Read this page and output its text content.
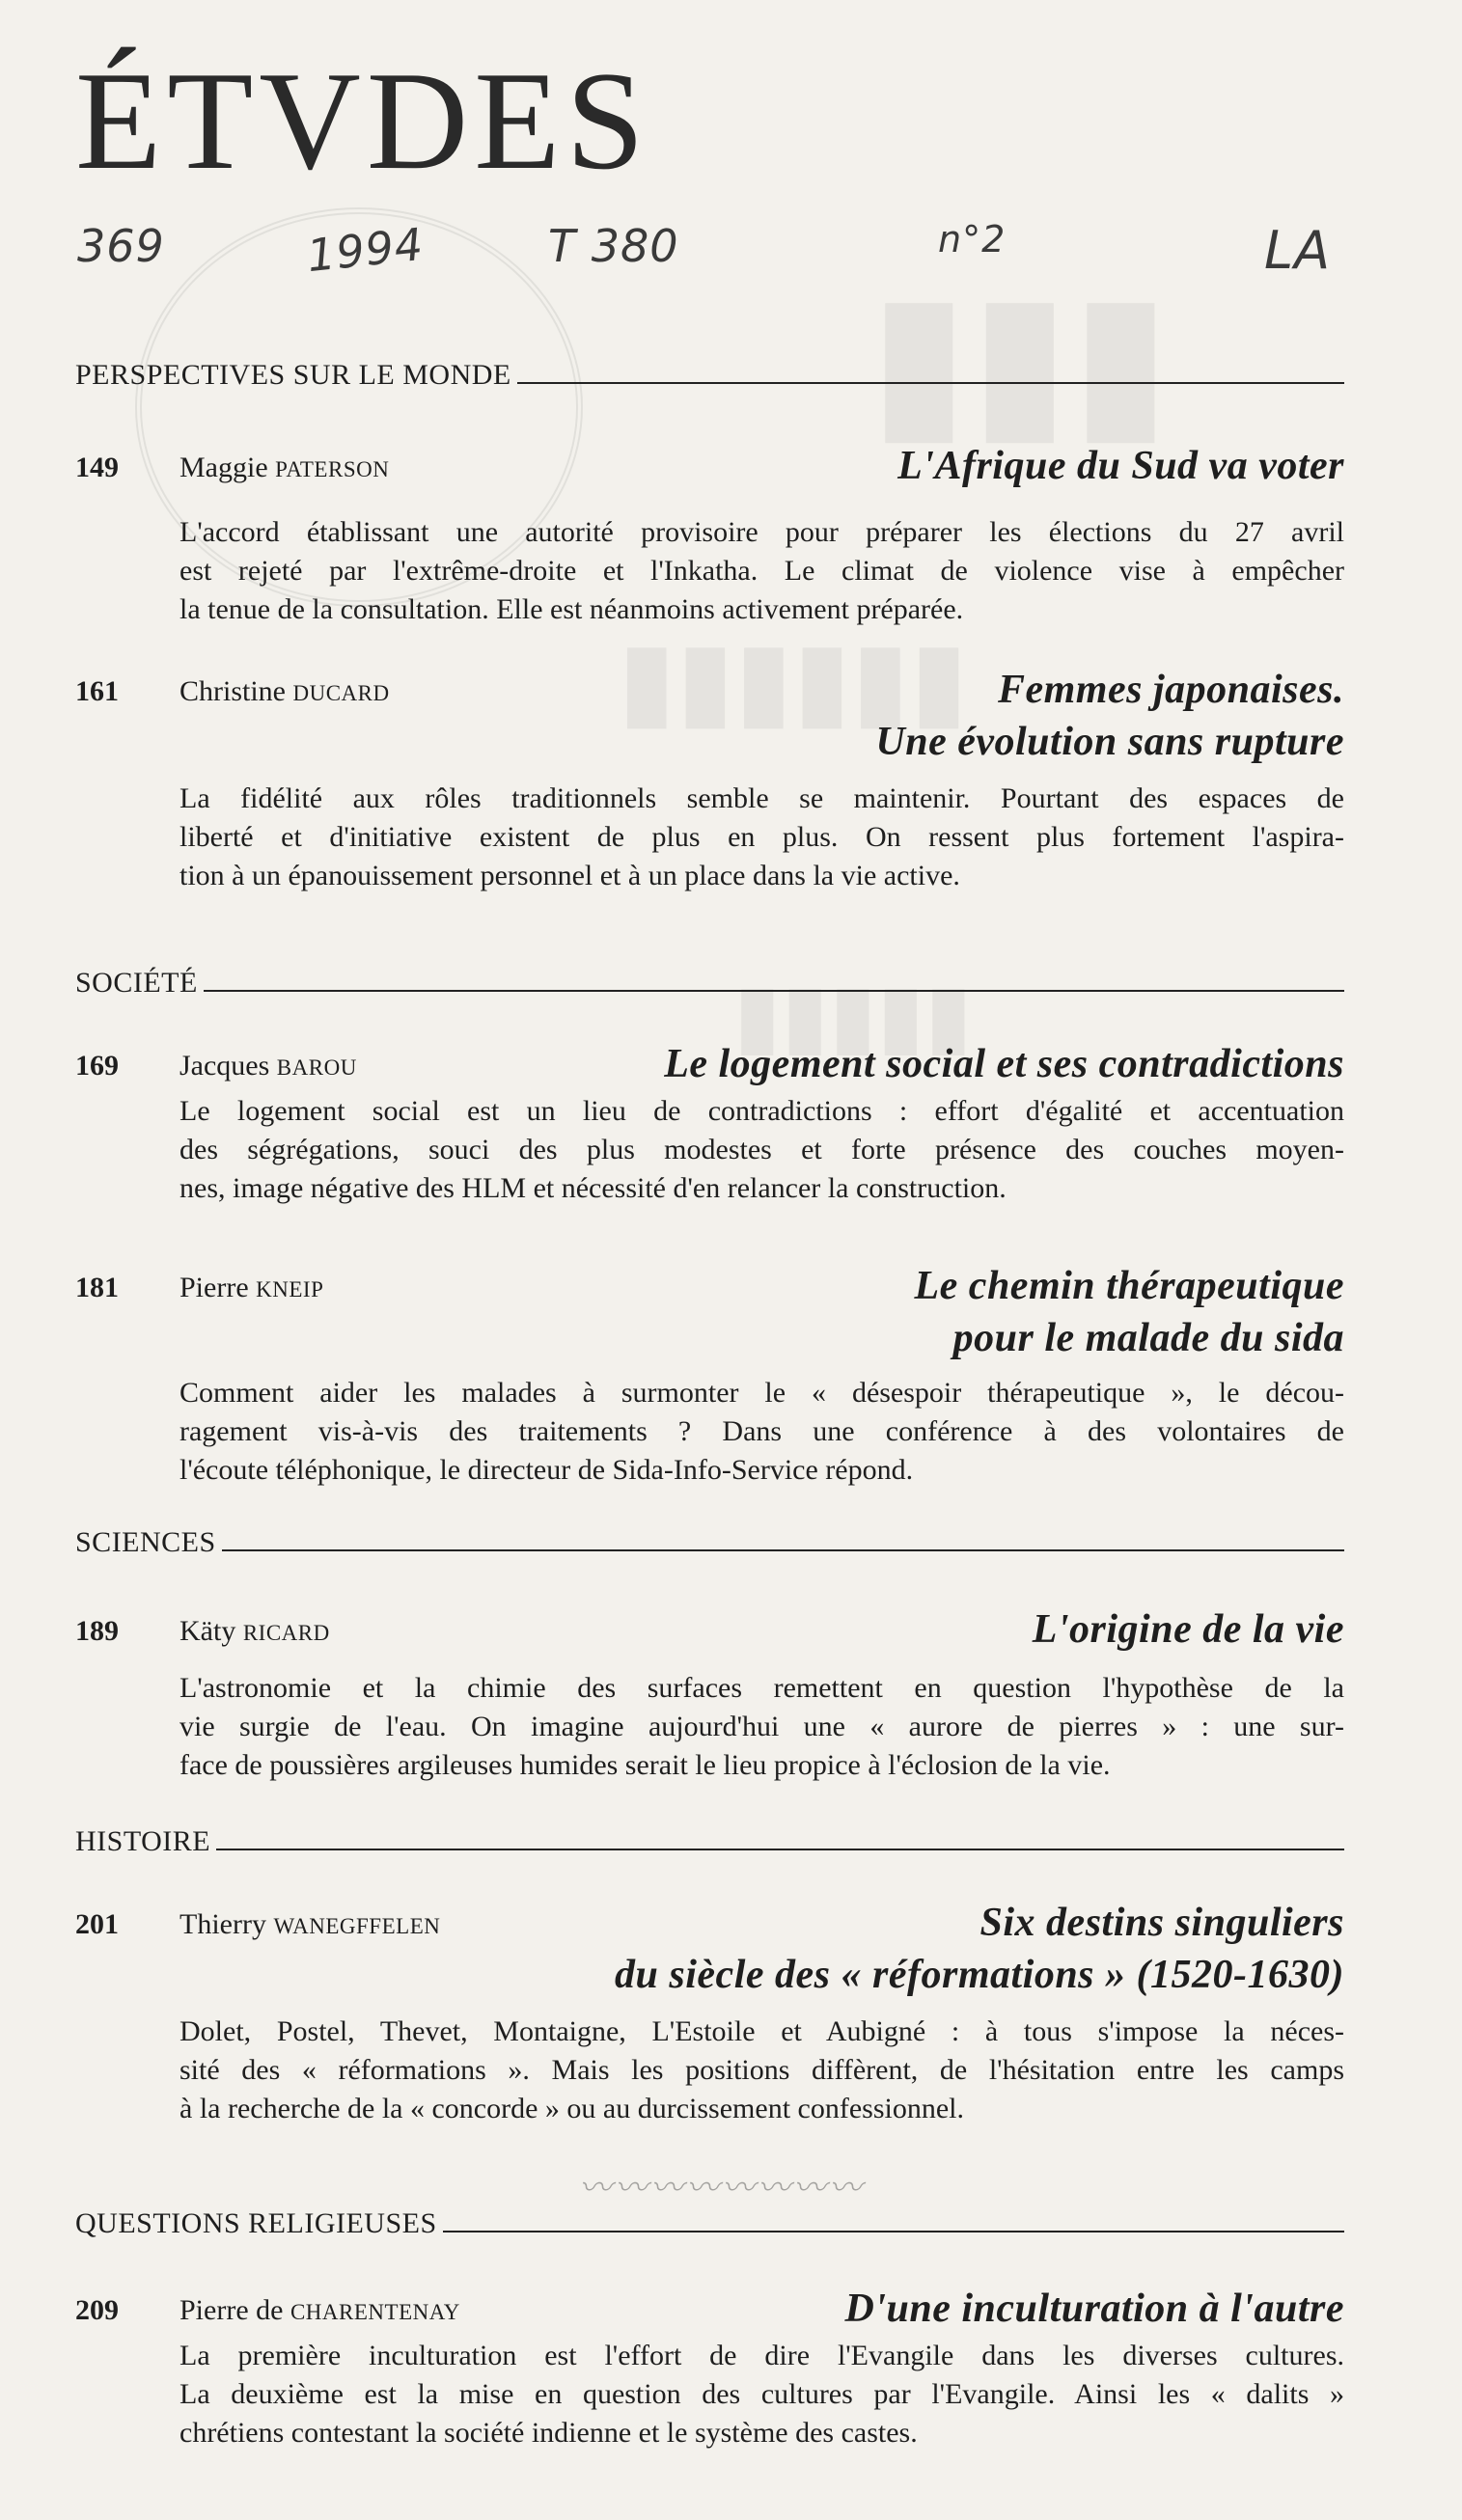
▮▮▮
▮▮▮▮▮▮
▮▮▮▮▮
ÉTVDES
369	1994	T 380	n°2	LA
PERSPECTIVES SUR LE MONDE
149 Maggie PATERSON	L'Afrique du Sud va voter

L'accord établissant une autorité provisoire pour préparer les élections du 27 avril
est rejeté par l'extrême-droite et l'Inkatha. Le climat de violence vise à empêcher
la tenue de la consultation. Elle est néanmoins activement préparée.

161 Christine DUCARD	Femmes japonaises.
Une évolution sans rupture

La fidélité aux rôles traditionnels semble se maintenir. Pourtant des espaces de
liberté et d'initiative existent de plus en plus. On ressent plus fortement l'aspira-
tion à un épanouissement personnel et à un place dans la vie active.

SOCIÉTÉ
169 Jacques BAROU	Le logement social et ses contradictions

Le logement social est un lieu de contradictions : effort d'égalité et accentuation
des ségrégations, souci des plus modestes et forte présence des couches moyen-
nes, image négative des HLM et nécessité d'en relancer la construction.

181 Pierre KNEIP	Le chemin thérapeutique
pour le malade du sida

Comment aider les malades à surmonter le « désespoir thérapeutique », le décou-
ragement vis-à-vis des traitements ? Dans une conférence à des volontaires de
l'écoute téléphonique, le directeur de Sida-Info-Service répond.

SCIENCES
189 Käty RICARD	L'origine de la vie

L'astronomie et la chimie des surfaces remettent en question l'hypothèse de la
vie surgie de l'eau. On imagine aujourd'hui une « aurore de pierres » : une sur-
face de poussières argileuses humides serait le lieu propice à l'éclosion de la vie.

HISTOIRE
201 Thierry WANEGFFELEN	Six destins singuliers
du siècle des « réformations » (1520-1630)

Dolet, Postel, Thevet, Montaigne, L'Estoile et Aubigné : à tous s'impose la néces-
sité des « réformations ». Mais les positions diffèrent, de l'hésitation entre les camps
à la recherche de la « concorde » ou au durcissement confessionnel.

〰〰〰〰〰〰〰〰
QUESTIONS RELIGIEUSES
209 Pierre de CHARENTENAY	D'une inculturation à l'autre

La première inculturation est l'effort de dire l'Evangile dans les diverses cultures.
La deuxième est la mise en question des cultures par l'Evangile. Ainsi les « dalits »
chrétiens contestant la société indienne et le système des castes.
